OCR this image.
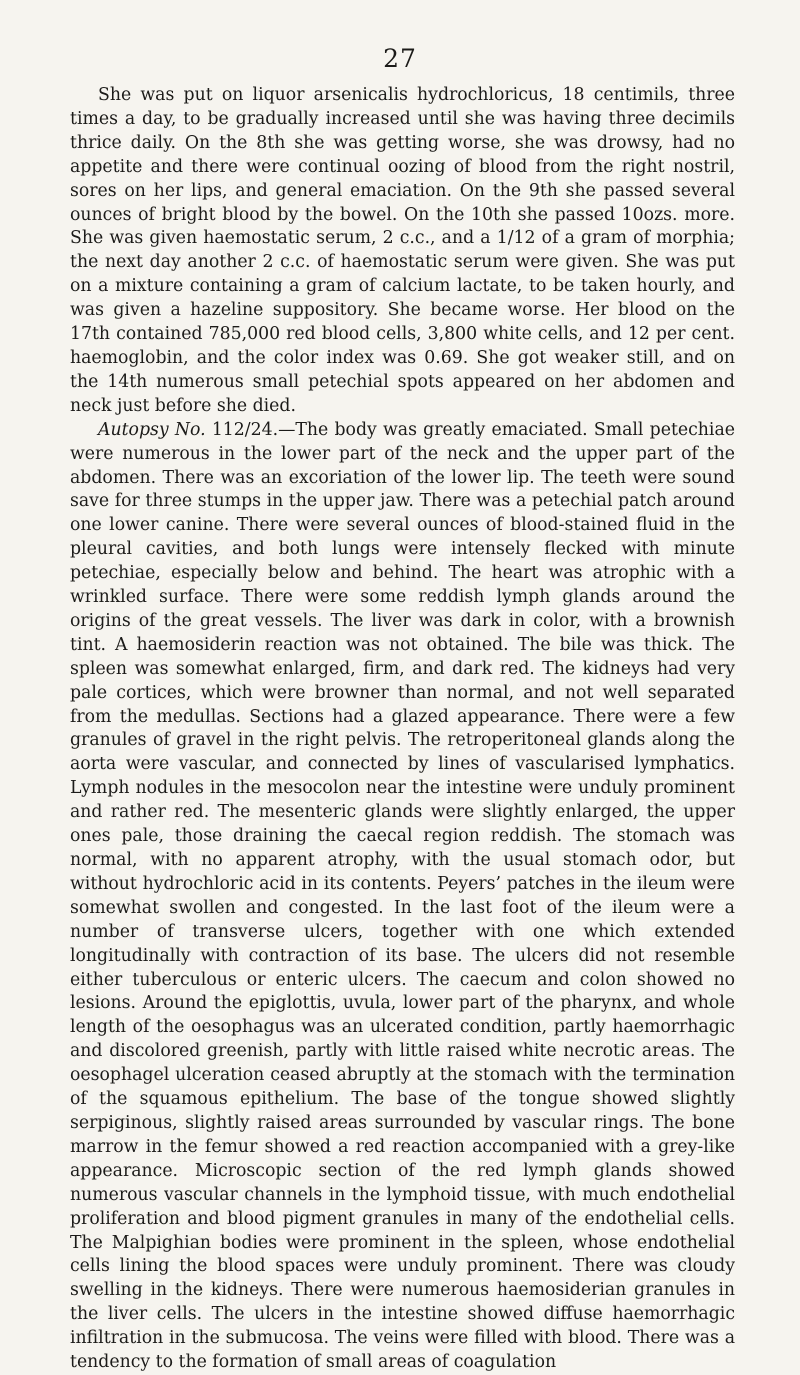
27

She was put on liquor arsenicalis hydrochloricus, 18 centimils, three times a day, to be gradually increased until she was having three decimils thrice daily. On the 8th she was getting worse, she was drowsy, had no appetite and there were continual oozing of blood from the right nostril, sores on her lips, and general emaciation. On the 9th she passed several ounces of bright blood by the bowel. On the 10th she passed 10ozs. more. She was given haemostatic serum, 2 c.c., and a 1/12 of a gram of morphia; the next day another 2 c.c. of haemostatic serum were given. She was put on a mixture containing a gram of calcium lactate, to be taken hourly, and was given a hazeline suppository. She became worse. Her blood on the 17th contained 785,000 red blood cells, 3,800 white cells, and 12 per cent. haemoglobin, and the color index was 0.69. She got weaker still, and on the 14th numerous small petechial spots appeared on her abdomen and neck just before she died.

Autopsy No. 112/24.—The body was greatly emaciated. Small petechiae were numerous in the lower part of the neck and the upper part of the abdomen. There was an excoriation of the lower lip. The teeth were sound save for three stumps in the upper jaw. There was a petechial patch around one lower canine. There were several ounces of blood-stained fluid in the pleural cavities, and both lungs were intensely flecked with minute petechiae, especially below and behind. The heart was atrophic with a wrinkled surface. There were some reddish lymph glands around the origins of the great vessels. The liver was dark in color, with a brownish tint. A haemosiderin reaction was not obtained. The bile was thick. The spleen was somewhat enlarged, firm, and dark red. The kidneys had very pale cortices, which were browner than normal, and not well separated from the medullas. Sections had a glazed appearance. There were a few granules of gravel in the right pelvis. The retroperitoneal glands along the aorta were vascular, and connected by lines of vascularised lymphatics. Lymph nodules in the mesocolon near the intestine were unduly prominent and rather red. The mesenteric glands were slightly enlarged, the upper ones pale, those draining the caecal region reddish. The stomach was normal, with no apparent atrophy, with the usual stomach odor, but without hydrochloric acid in its contents. Peyers’ patches in the ileum were somewhat swollen and congested. In the last foot of the ileum were a number of transverse ulcers, together with one which extended longitudinally with contraction of its base. The ulcers did not resemble either tuberculous or enteric ulcers. The caecum and colon showed no lesions. Around the epiglottis, uvula, lower part of the pharynx, and whole length of the oesophagus was an ulcerated condition, partly haemorrhagic and discolored greenish, partly with little raised white necrotic areas. The oesophagel ulceration ceased abruptly at the stomach with the termination of the squamous epithelium. The base of the tongue showed slightly serpiginous, slightly raised areas surrounded by vascular rings. The bone marrow in the femur showed a red reaction accompanied with a grey-like appearance. Microscopic section of the red lymph glands showed numerous vascular channels in the lymphoid tissue, with much endothelial proliferation and blood pigment granules in many of the endothelial cells. The Malpighian bodies were prominent in the spleen, whose endothelial cells lining the blood spaces were unduly prominent. There was cloudy swelling in the kidneys. There were numerous haemosiderian granules in the liver cells. The ulcers in the intestine showed diffuse haemorrhagic infiltration in the submucosa. The veins were filled with blood. There was a tendency to the formation of small areas of coagulation
